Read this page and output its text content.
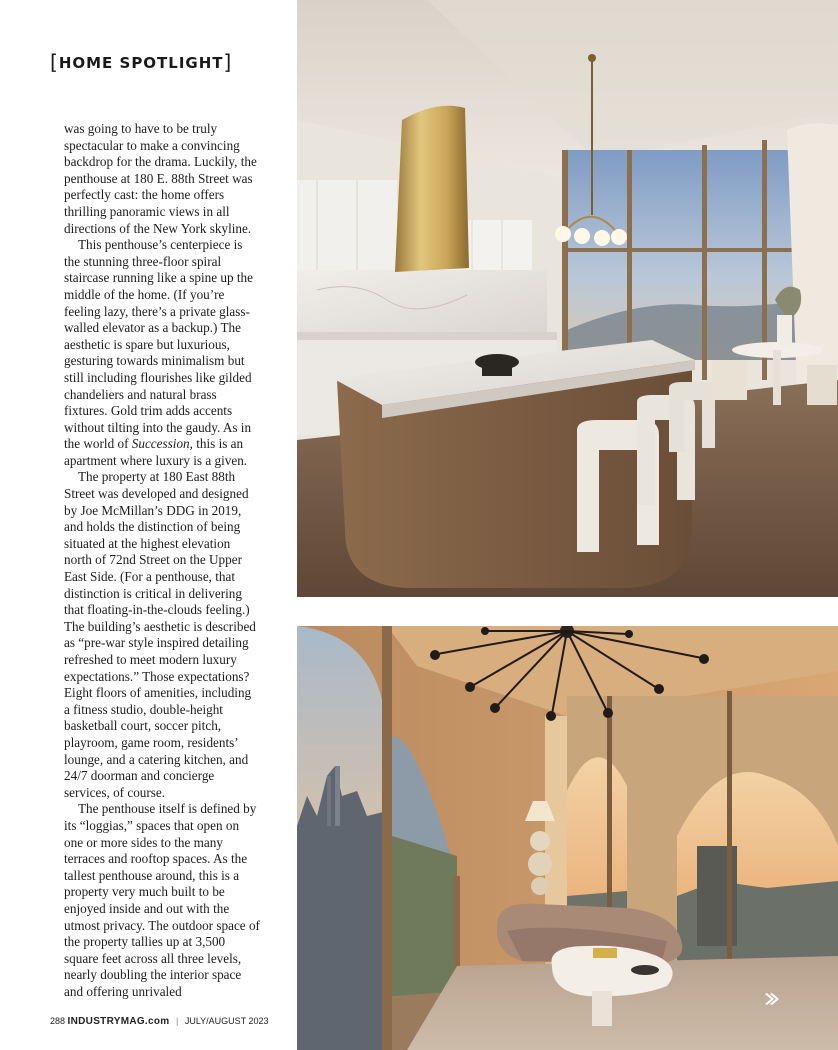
[HOME SPOTLIGHT]

was going to have to be truly spectacular to make a convincing backdrop for the drama. Luckily, the penthouse at 180 E. 88th Street was perfectly cast: the home offers thrilling panoramic views in all directions of the New York skyline.

This penthouse’s centerpiece is the stunning three-floor spiral staircase running like a spine up the middle of the home. (If you’re feeling lazy, there’s a private glass-walled elevator as a backup.) The aesthetic is spare but luxurious, gesturing towards minimalism but still including flourishes like gilded chandeliers and natural brass fixtures. Gold trim adds accents without tilting into the gaudy. As in the world of Succession, this is an apartment where luxury is a given.

The property at 180 East 88th Street was developed and designed by Joe McMillan’s DDG in 2019, and holds the distinction of being situated at the highest elevation north of 72nd Street on the Upper East Side. (For a penthouse, that distinction is critical in delivering that floating-in-the-clouds feeling.) The building’s aesthetic is described as “pre-war style inspired detailing refreshed to meet modern luxury expectations.” Those expectations? Eight floors of amenities, including a fitness studio, double-height basketball court, soccer pitch, playroom, game room, residents’ lounge, and a catering kitchen, and 24/7 doorman and concierge services, of course.

The penthouse itself is defined by its “loggias,” spaces that open on one or more sides to the many terraces and rooftop spaces. As the tallest penthouse around, this is a property very much built to be enjoyed inside and out with the utmost privacy. The outdoor space of the property tallies up at 3,500 square feet across all three levels, nearly doubling the interior space and offering unrivaled

288 INDUSTRYMAG.com | JULY/AUGUST 2023
